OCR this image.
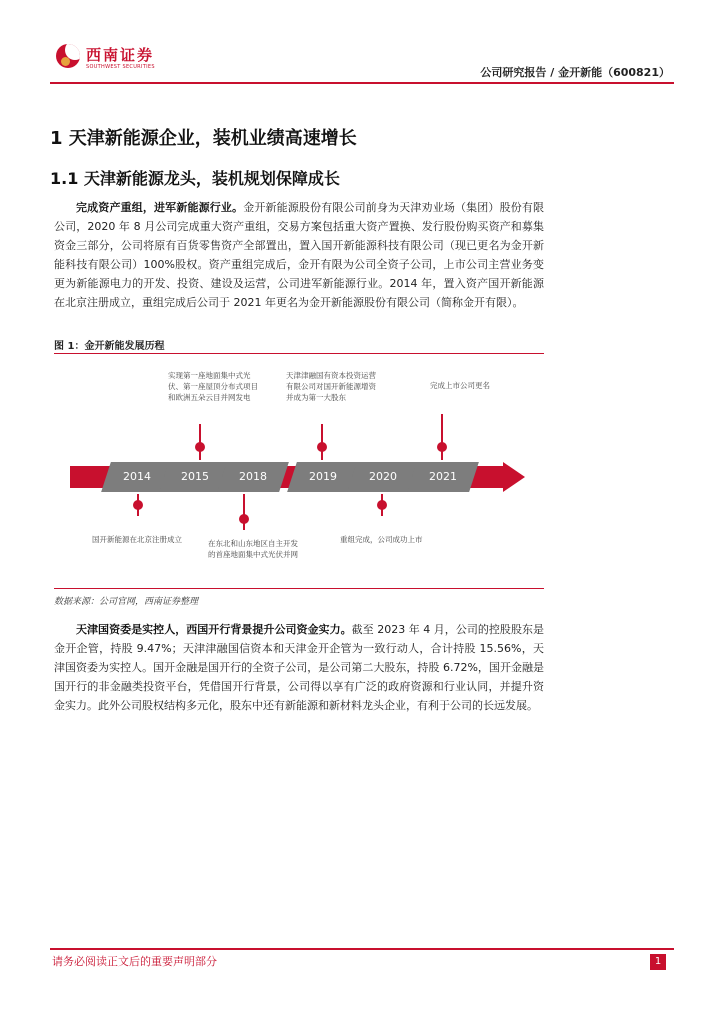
西南证券
SOUTHWEST SECURITIES	公司研究报告 / 金开新能（600821）
1 天津新能源企业，装机业绩高速增长
1.1 天津新能源龙头，装机规划保障成长

完成资产重组，进军新能源行业。金开新能源股份有限公司前身为天津劝业场（集团）股份有限公司，2020 年 8 月公司完成重大资产重组，交易方案包括重大资产置换、发行股份购买资产和募集资金三部分，公司将原有百货零售资产全部置出，置入国开新能源科技有限公司（现已更名为金开新能科技有限公司）100%股权。资产重组完成后，金开有限为公司全资子公司，上市公司主营业务变更为新能源电力的开发、投资、建设及运营，公司进军新能源行业。2014 年，置入资产国开新能源在北京注册成立，重组完成后公司于 2021 年更名为金开新能源股份有限公司（简称金开有限）。

图 1：金开新能发展历程
2014	2015	2018	2019	2020	2021
实现第一座地面集中式光伏、第一座屋顶分布式项目和欧洲五朵云目并网发电
天津津融国有资本投资运营有限公司对国开新能源增资并成为第一大股东
完成上市公司更名
国开新能源在北京注册成立	在东北和山东地区自主开发的首座地面集中式光伏并网
重组完成，公司成功上市
数据来源：公司官网，西南证券整理

天津国资委是实控人，西国开行背景提升公司资金实力。截至 2023 年 4 月，公司的控股股东是金开企管，持股 9.47%；天津津融国信资本和天津金开企管为一致行动人，合计持股 15.56%，天津国资委为实控人。国开金融是国开行的全资子公司，是公司第二大股东，持股 6.72%，国开金融是国开行的非金融类投资平台，凭借国开行背景，公司得以享有广泛的政府资源和行业认同，并提升资金实力。此外公司股权结构多元化，股东中还有新能源和新材料龙头企业，有利于公司的长远发展。

请务必阅读正文后的重要声明部分	1
